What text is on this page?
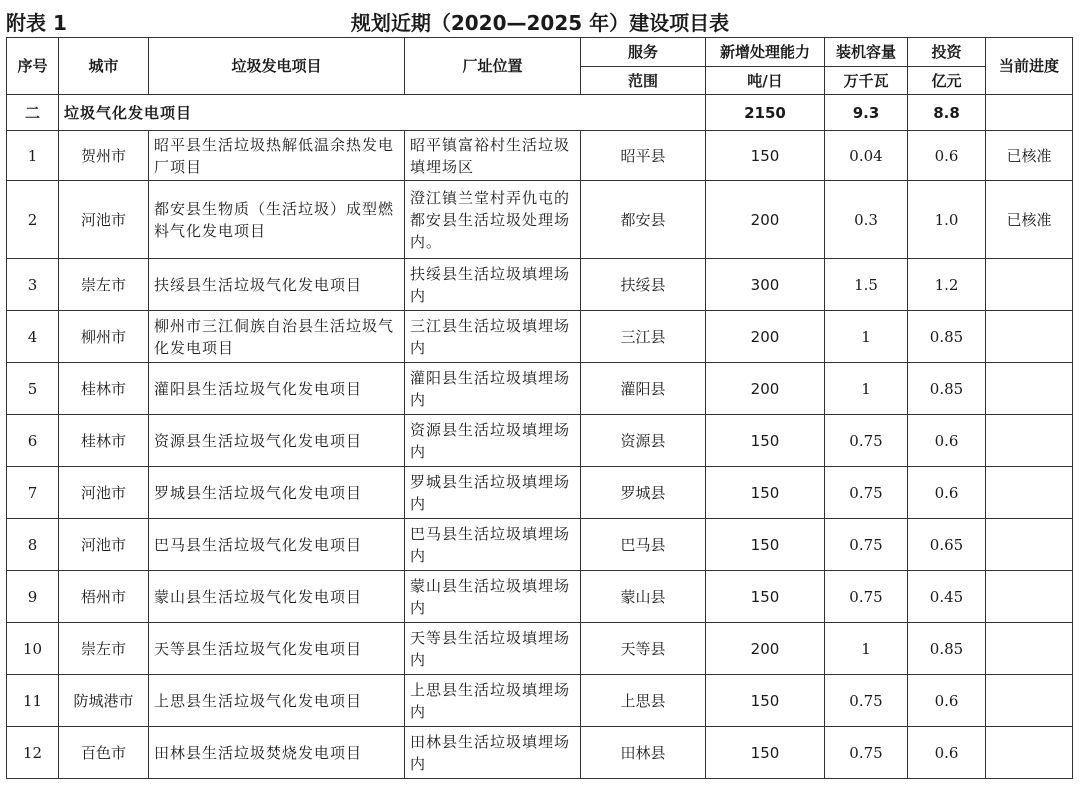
附表 1	规划近期（2020—2025 年）建设项目表
序号	城市	垃圾发电项目	厂址位置	服务	新增处理能力	装机容量	投资	当前进度
				范围	吨/日	万千瓦	亿元	
二	垃圾气化发电项目				2150	9.3	8.8	
1	贺州市	昭平县生活垃圾热解低温余热发电厂项目	昭平镇富裕村生活垃圾填埋场区	昭平县	150	0.04	0.6	已核准
2	河池市	都安县生物质（生活垃圾）成型燃料气化发电项目	澄江镇兰堂村弄仇屯的都安县生活垃圾处理场内。	都安县	200	0.3	1.0	已核准
3	崇左市	扶绥县生活垃圾气化发电项目	扶绥县生活垃圾填埋场内	扶绥县	300	1.5	1.2	
4	柳州市	柳州市三江侗族自治县生活垃圾气化发电项目	三江县生活垃圾填埋场内	三江县	200	1	0.85	
5	桂林市	灌阳县生活垃圾气化发电项目	灌阳县生活垃圾填埋场内	灌阳县	200	1	0.85	
6	桂林市	资源县生活垃圾气化发电项目	资源县生活垃圾填埋场内	资源县	150	0.75	0.6	
7	河池市	罗城县生活垃圾气化发电项目	罗城县生活垃圾填埋场内	罗城县	150	0.75	0.6	
8	河池市	巴马县生活垃圾气化发电项目	巴马县生活垃圾填埋场内	巴马县	150	0.75	0.65	
9	梧州市	蒙山县生活垃圾气化发电项目	蒙山县生活垃圾填埋场内	蒙山县	150	0.75	0.45	
10	崇左市	天等县生活垃圾气化发电项目	天等县生活垃圾填埋场内	天等县	200	1	0.85	
11	防城港市	上思县生活垃圾气化发电项目	上思县生活垃圾填埋场内	上思县	150	0.75	0.6	
12	百色市	田林县生活垃圾焚烧发电项目	田林县生活垃圾填埋场内	田林县	150	0.75	0.6	
